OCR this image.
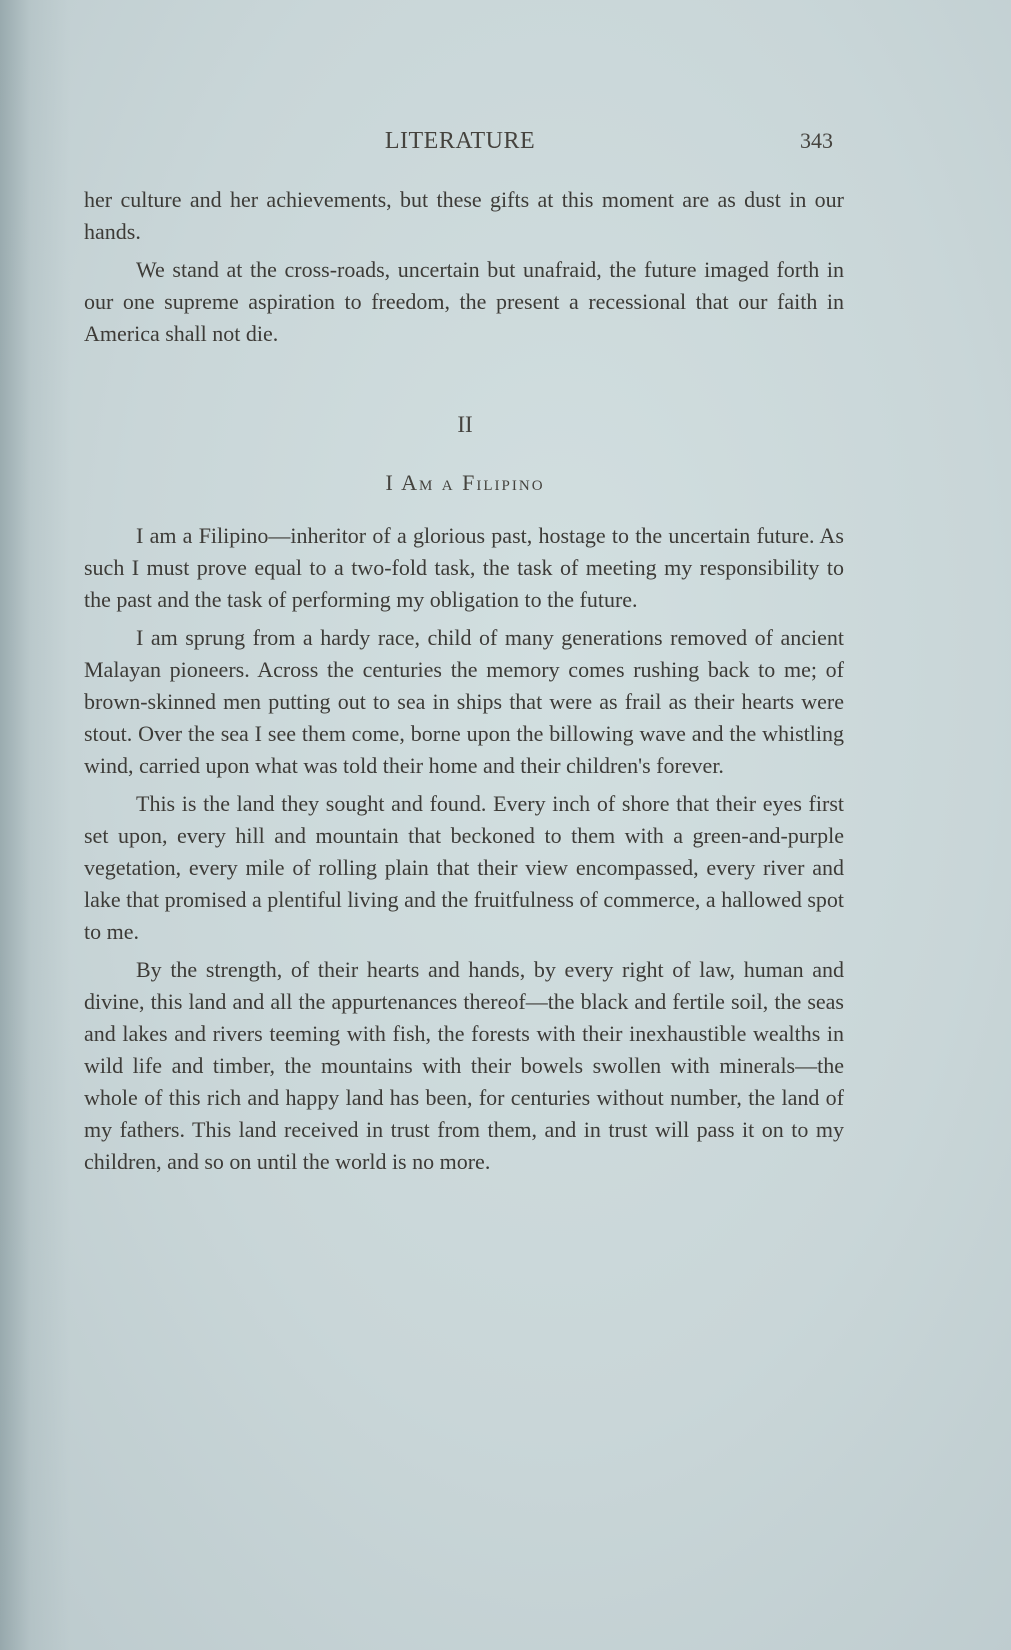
LITERATURE	343

her culture and her achievements, but these gifts at this moment are as dust in our hands.

We stand at the cross-roads, uncertain but unafraid, the future imaged forth in our one supreme aspiration to freedom, the present a recessional that our faith in America shall not die.

II
I Am a Filipino

I am a Filipino—inheritor of a glorious past, hostage to the uncertain future. As such I must prove equal to a two-fold task, the task of meeting my responsibility to the past and the task of performing my obligation to the future.

I am sprung from a hardy race, child of many generations removed of ancient Malayan pioneers. Across the centuries the memory comes rushing back to me; of brown-skinned men putting out to sea in ships that were as frail as their hearts were stout. Over the sea I see them come, borne upon the billowing wave and the whistling wind, carried upon what was told their home and their children's forever.

This is the land they sought and found. Every inch of shore that their eyes first set upon, every hill and mountain that beckoned to them with a green-and-purple vegetation, every mile of rolling plain that their view encompassed, every river and lake that promised a plentiful living and the fruitfulness of commerce, a hallowed spot to me.

By the strength, of their hearts and hands, by every right of law, human and divine, this land and all the appurtenances thereof—the black and fertile soil, the seas and lakes and rivers teeming with fish, the forests with their inexhaustible wealths in wild life and timber, the mountains with their bowels swollen with minerals—the whole of this rich and happy land has been, for centuries without number, the land of my fathers. This land received in trust from them, and in trust will pass it on to my children, and so on until the world is no more.
